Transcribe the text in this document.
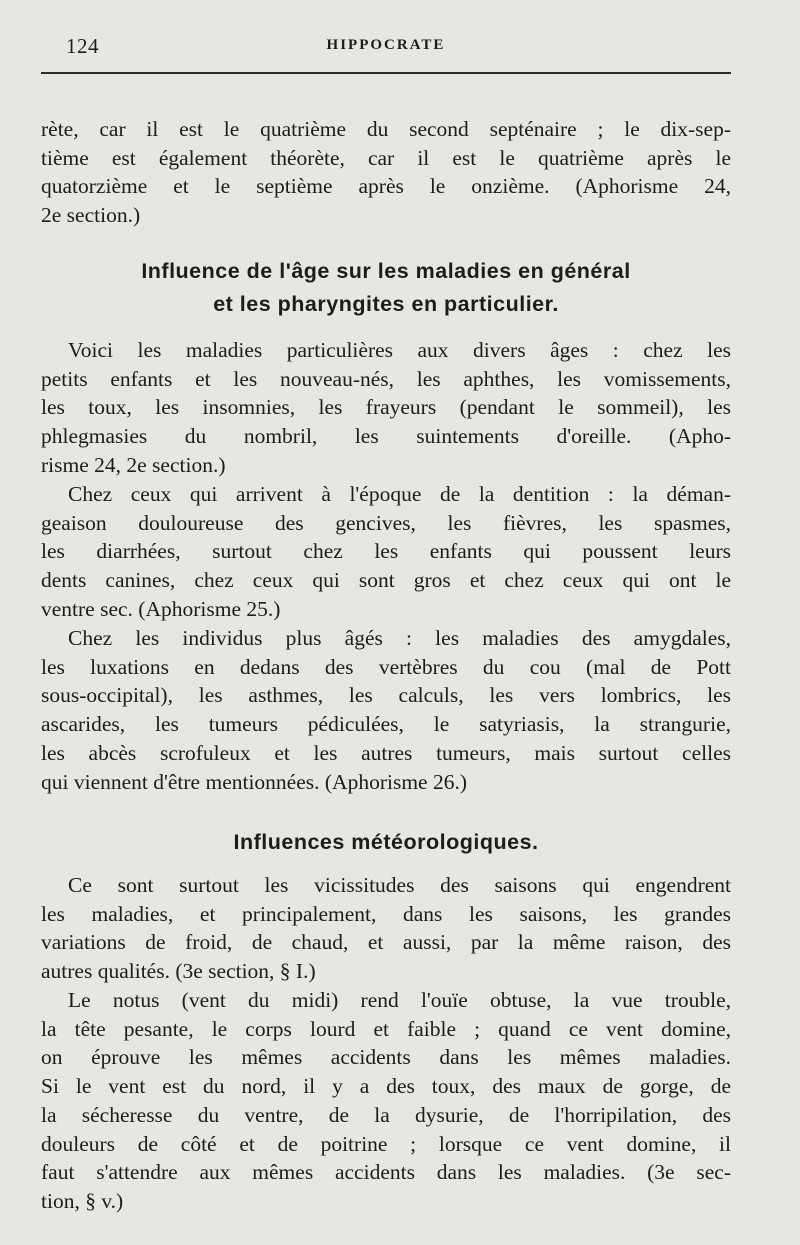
124	HIPPOCRATE
rète, car il est le quatrième du second septénaire ; le dix-sep-
tième est également théorète, car il est le quatrième après le
quatorzième et le septième après le onzième. (Aphorisme 24,
2e section.)
Influence de l'âge sur les maladies en général
et les pharyngites en particulier.
Voici les maladies particulières aux divers âges : chez les
petits enfants et les nouveau-nés, les aphthes, les vomissements,
les toux, les insomnies, les frayeurs (pendant le sommeil), les
phlegmasies du nombril, les suintements d'oreille. (Apho-
risme 24, 2e section.)
Chez ceux qui arrivent à l'époque de la dentition : la déman-
geaison douloureuse des gencives, les fièvres, les spasmes,
les diarrhées, surtout chez les enfants qui poussent leurs
dents canines, chez ceux qui sont gros et chez ceux qui ont le
ventre sec. (Aphorisme 25.)
Chez les individus plus âgés : les maladies des amygdales,
les luxations en dedans des vertèbres du cou (mal de Pott
sous-occipital), les asthmes, les calculs, les vers lombrics, les
ascarides, les tumeurs pédiculées, le satyriasis, la strangurie,
les abcès scrofuleux et les autres tumeurs, mais surtout celles
qui viennent d'être mentionnées. (Aphorisme 26.)
Influences météorologiques.
Ce sont surtout les vicissitudes des saisons qui engendrent
les maladies, et principalement, dans les saisons, les grandes
variations de froid, de chaud, et aussi, par la même raison, des
autres qualités. (3e section, § I.)
Le notus (vent du midi) rend l'ouïe obtuse, la vue trouble,
la tête pesante, le corps lourd et faible ; quand ce vent domine,
on éprouve les mêmes accidents dans les mêmes maladies.
Si le vent est du nord, il y a des toux, des maux de gorge, de
la sécheresse du ventre, de la dysurie, de l'horripilation, des
douleurs de côté et de poitrine ; lorsque ce vent domine, il
faut s'attendre aux mêmes accidents dans les maladies. (3e sec-
tion, § v.)
